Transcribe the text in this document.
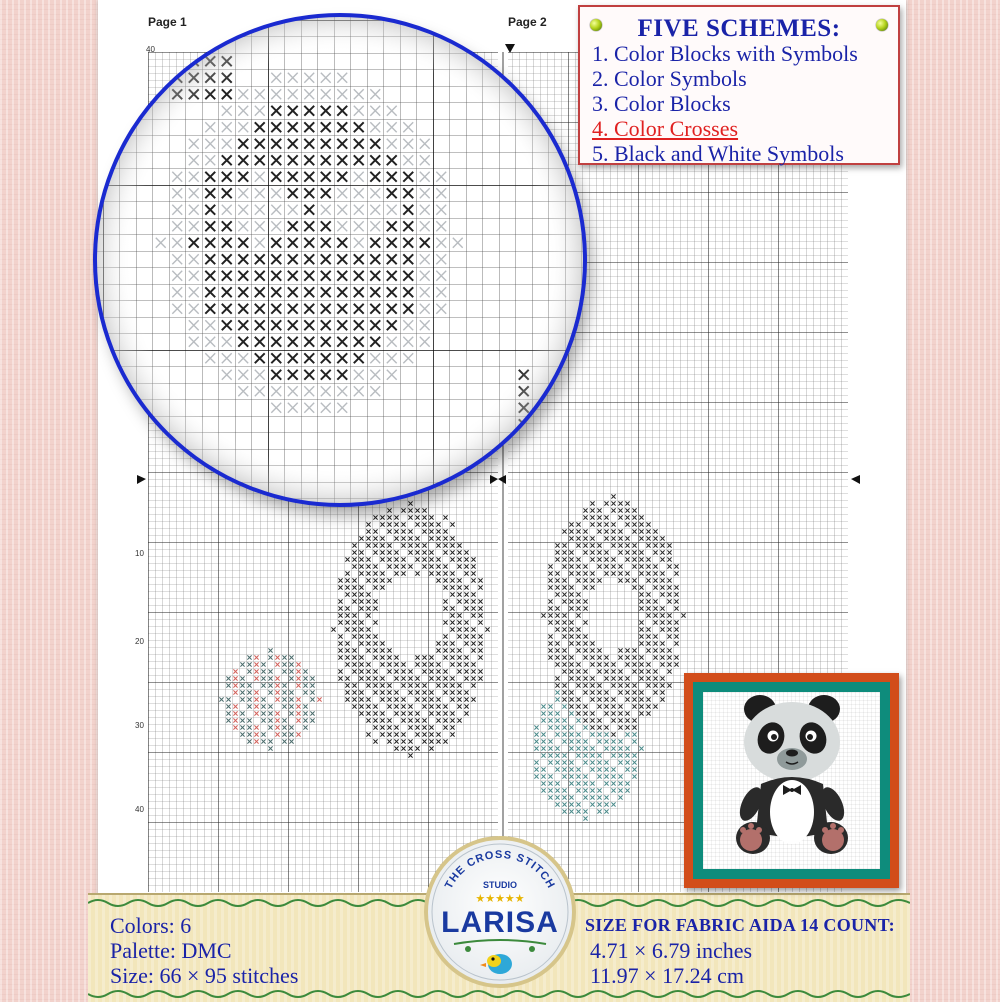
Page 1	Page 2
40
10
20
30
40
FIVE SCHEMES:
1. Color Blocks with Symbols
2. Color Symbols
3. Color Blocks
4. Color Crosses
5. Black and White Symbols
Colors: 6
Palette: DMC
Size: 66 × 95 stitches
SIZE FOR FABRIC AIDA 14 COUNT:
4.71 × 6.79 inches
11.97 × 17.24 cm
THE CROSS STITCH
STUDIO
★★★★★
LARISA
